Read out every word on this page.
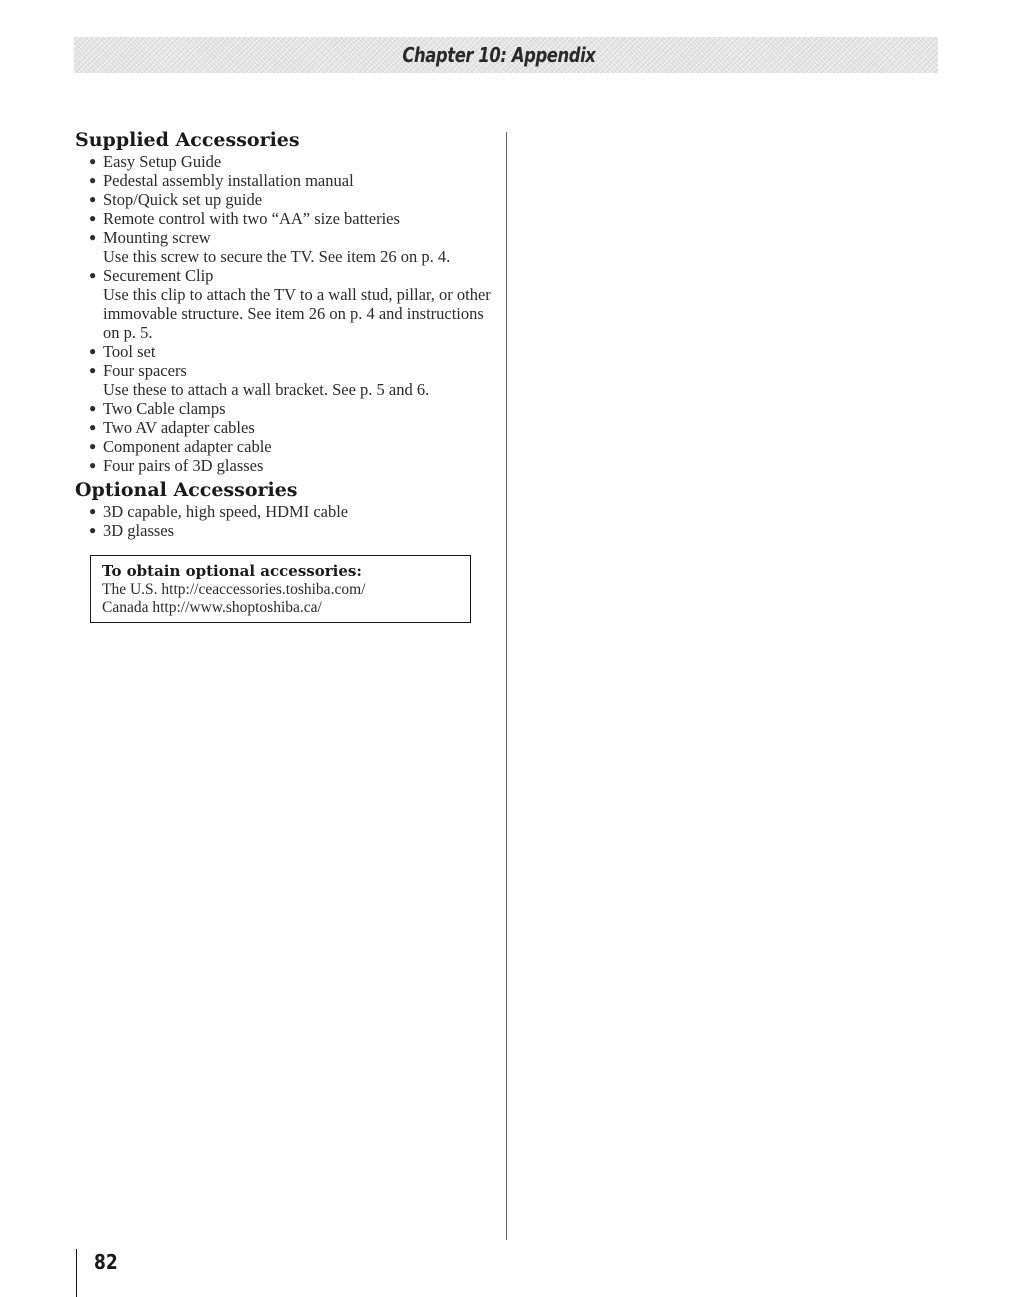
Chapter 10: Appendix
Supplied Accessories
● Easy Setup Guide
● Pedestal assembly installation manual
● Stop/Quick set up guide
● Remote control with two “AA” size batteries
● Mounting screw
Use this screw to secure the TV. See item 26 on p. 4.
● Securement Clip
Use this clip to attach the TV to a wall stud, pillar, or other immovable structure. See item 26 on p. 4 and instructions on p. 5.
● Tool set
● Four spacers
Use these to attach a wall bracket. See p. 5 and 6.
● Two Cable clamps
● Two AV adapter cables
● Component adapter cable
● Four pairs of 3D glasses
Optional Accessories
● 3D capable, high speed, HDMI cable
● 3D glasses
To obtain optional accessories:
The U.S. http://ceaccessories.toshiba.com/
Canada http://www.shoptoshiba.ca/
82
